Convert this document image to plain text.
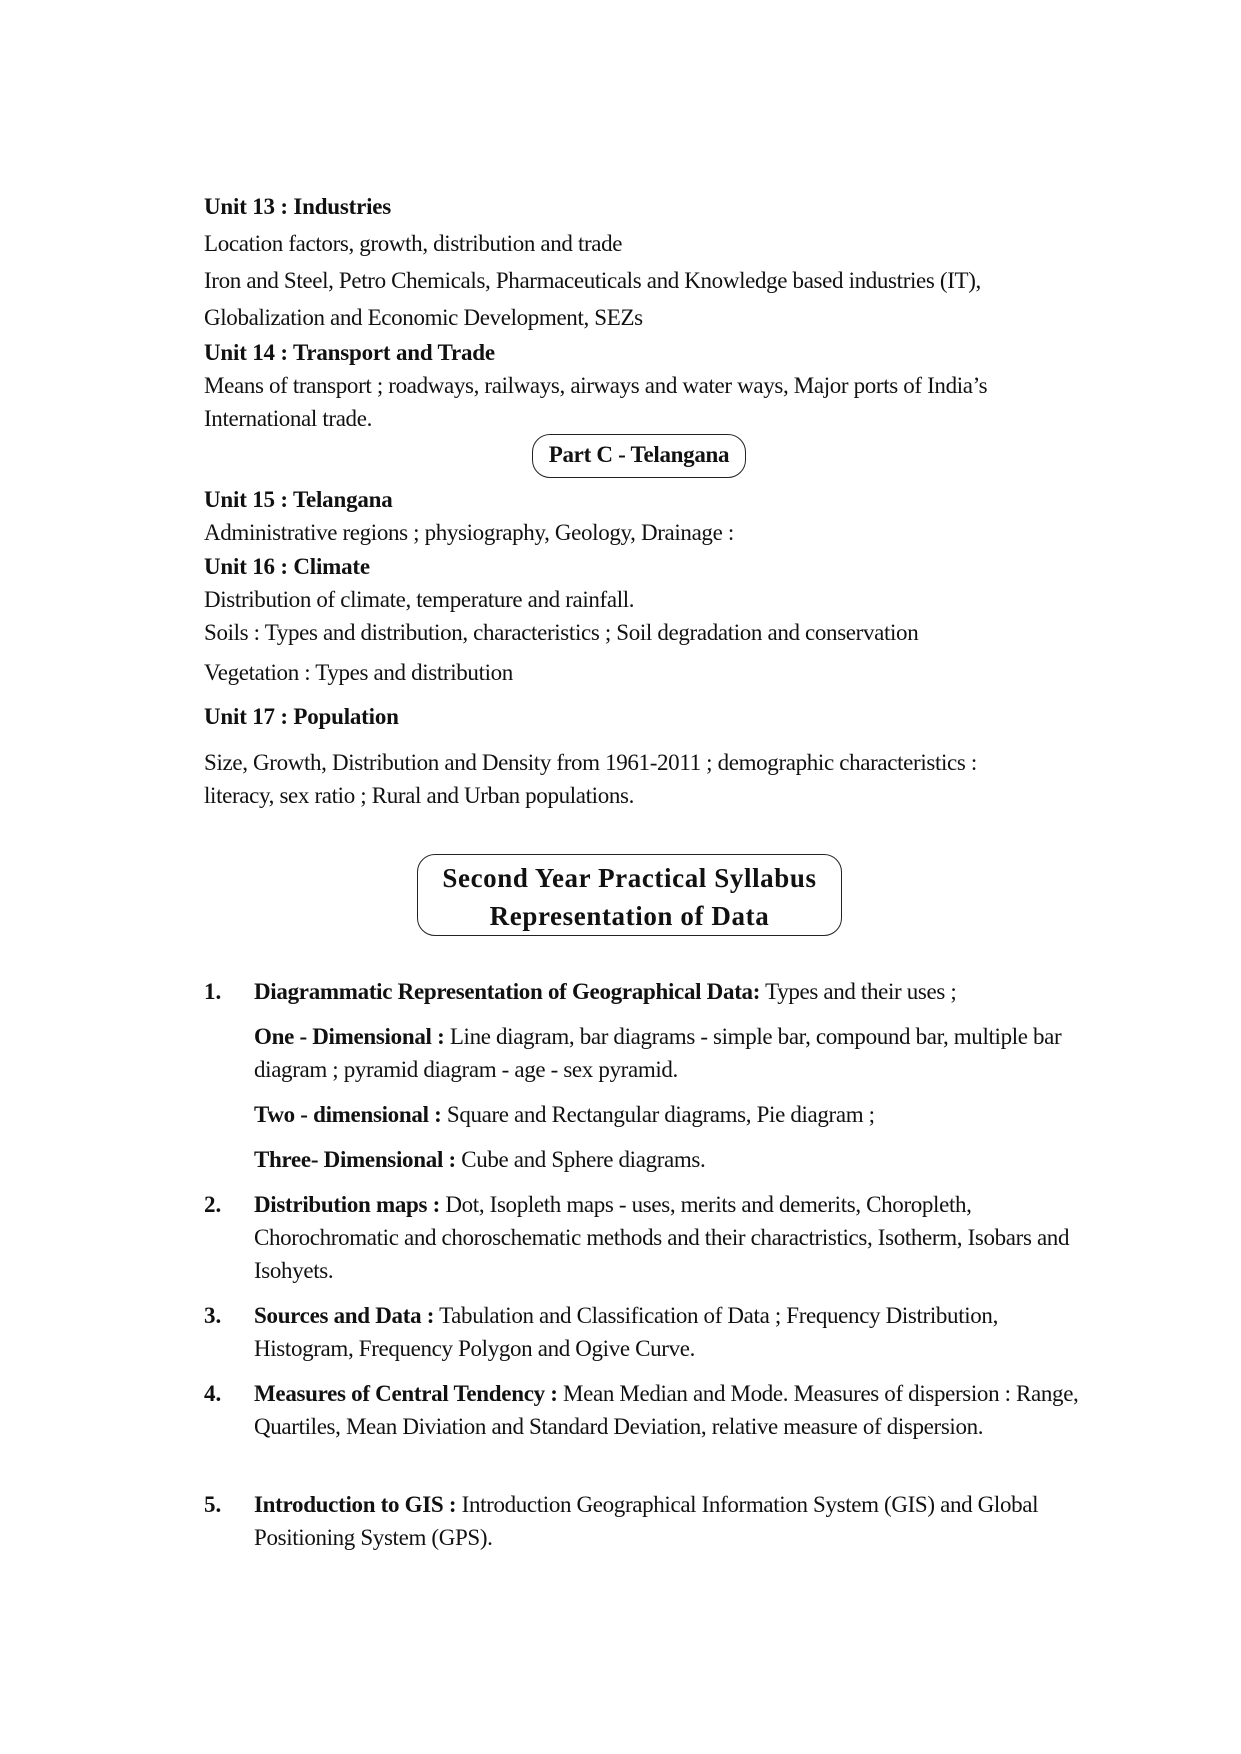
Unit 13 : Industries

Location factors, growth, distribution and trade

Iron and Steel, Petro Chemicals, Pharmaceuticals and Knowledge based industries (IT),

Globalization and Economic Development, SEZs

Unit 14 : Transport and Trade

Means of transport ; roadways, railways, airways and water ways, Major ports of India’s

International trade.

Part C - Telangana

Unit 15 : Telangana

Administrative regions ; physiography, Geology, Drainage :

Unit 16 : Climate

Distribution of climate, temperature and rainfall.

Soils : Types and distribution, characteristics ; Soil degradation and conservation

Vegetation : Types and distribution

Unit 17 : Population

Size, Growth, Distribution and Density from 1961-2011 ; demographic characteristics :

literacy, sex ratio ; Rural and Urban populations.

Second Year Practical Syllabus
Representation of Data
1. Diagrammatic Representation of Geographical Data: Types and their uses ;

One - Dimensional : Line diagram, bar diagrams - simple bar, compound bar, multiple bar diagram ; pyramid diagram - age - sex pyramid.

Two - dimensional : Square and Rectangular diagrams, Pie diagram ;

Three- Dimensional : Cube and Sphere diagrams.

2. Distribution maps : Dot, Isopleth maps - uses, merits and demerits, Choropleth, Chorochromatic and choroschematic methods and their charactristics, Isotherm, Isobars and Isohyets.

3. Sources and Data : Tabulation and Classification of Data ; Frequency Distribution, Histogram, Frequency Polygon and Ogive Curve.

4. Measures of Central Tendency : Mean Median and Mode. Measures of dispersion : Range, Quartiles, Mean Diviation and Standard Deviation, relative measure of dispersion.

5. Introduction to GIS : Introduction Geographical Information System (GIS) and Global Positioning System (GPS).
